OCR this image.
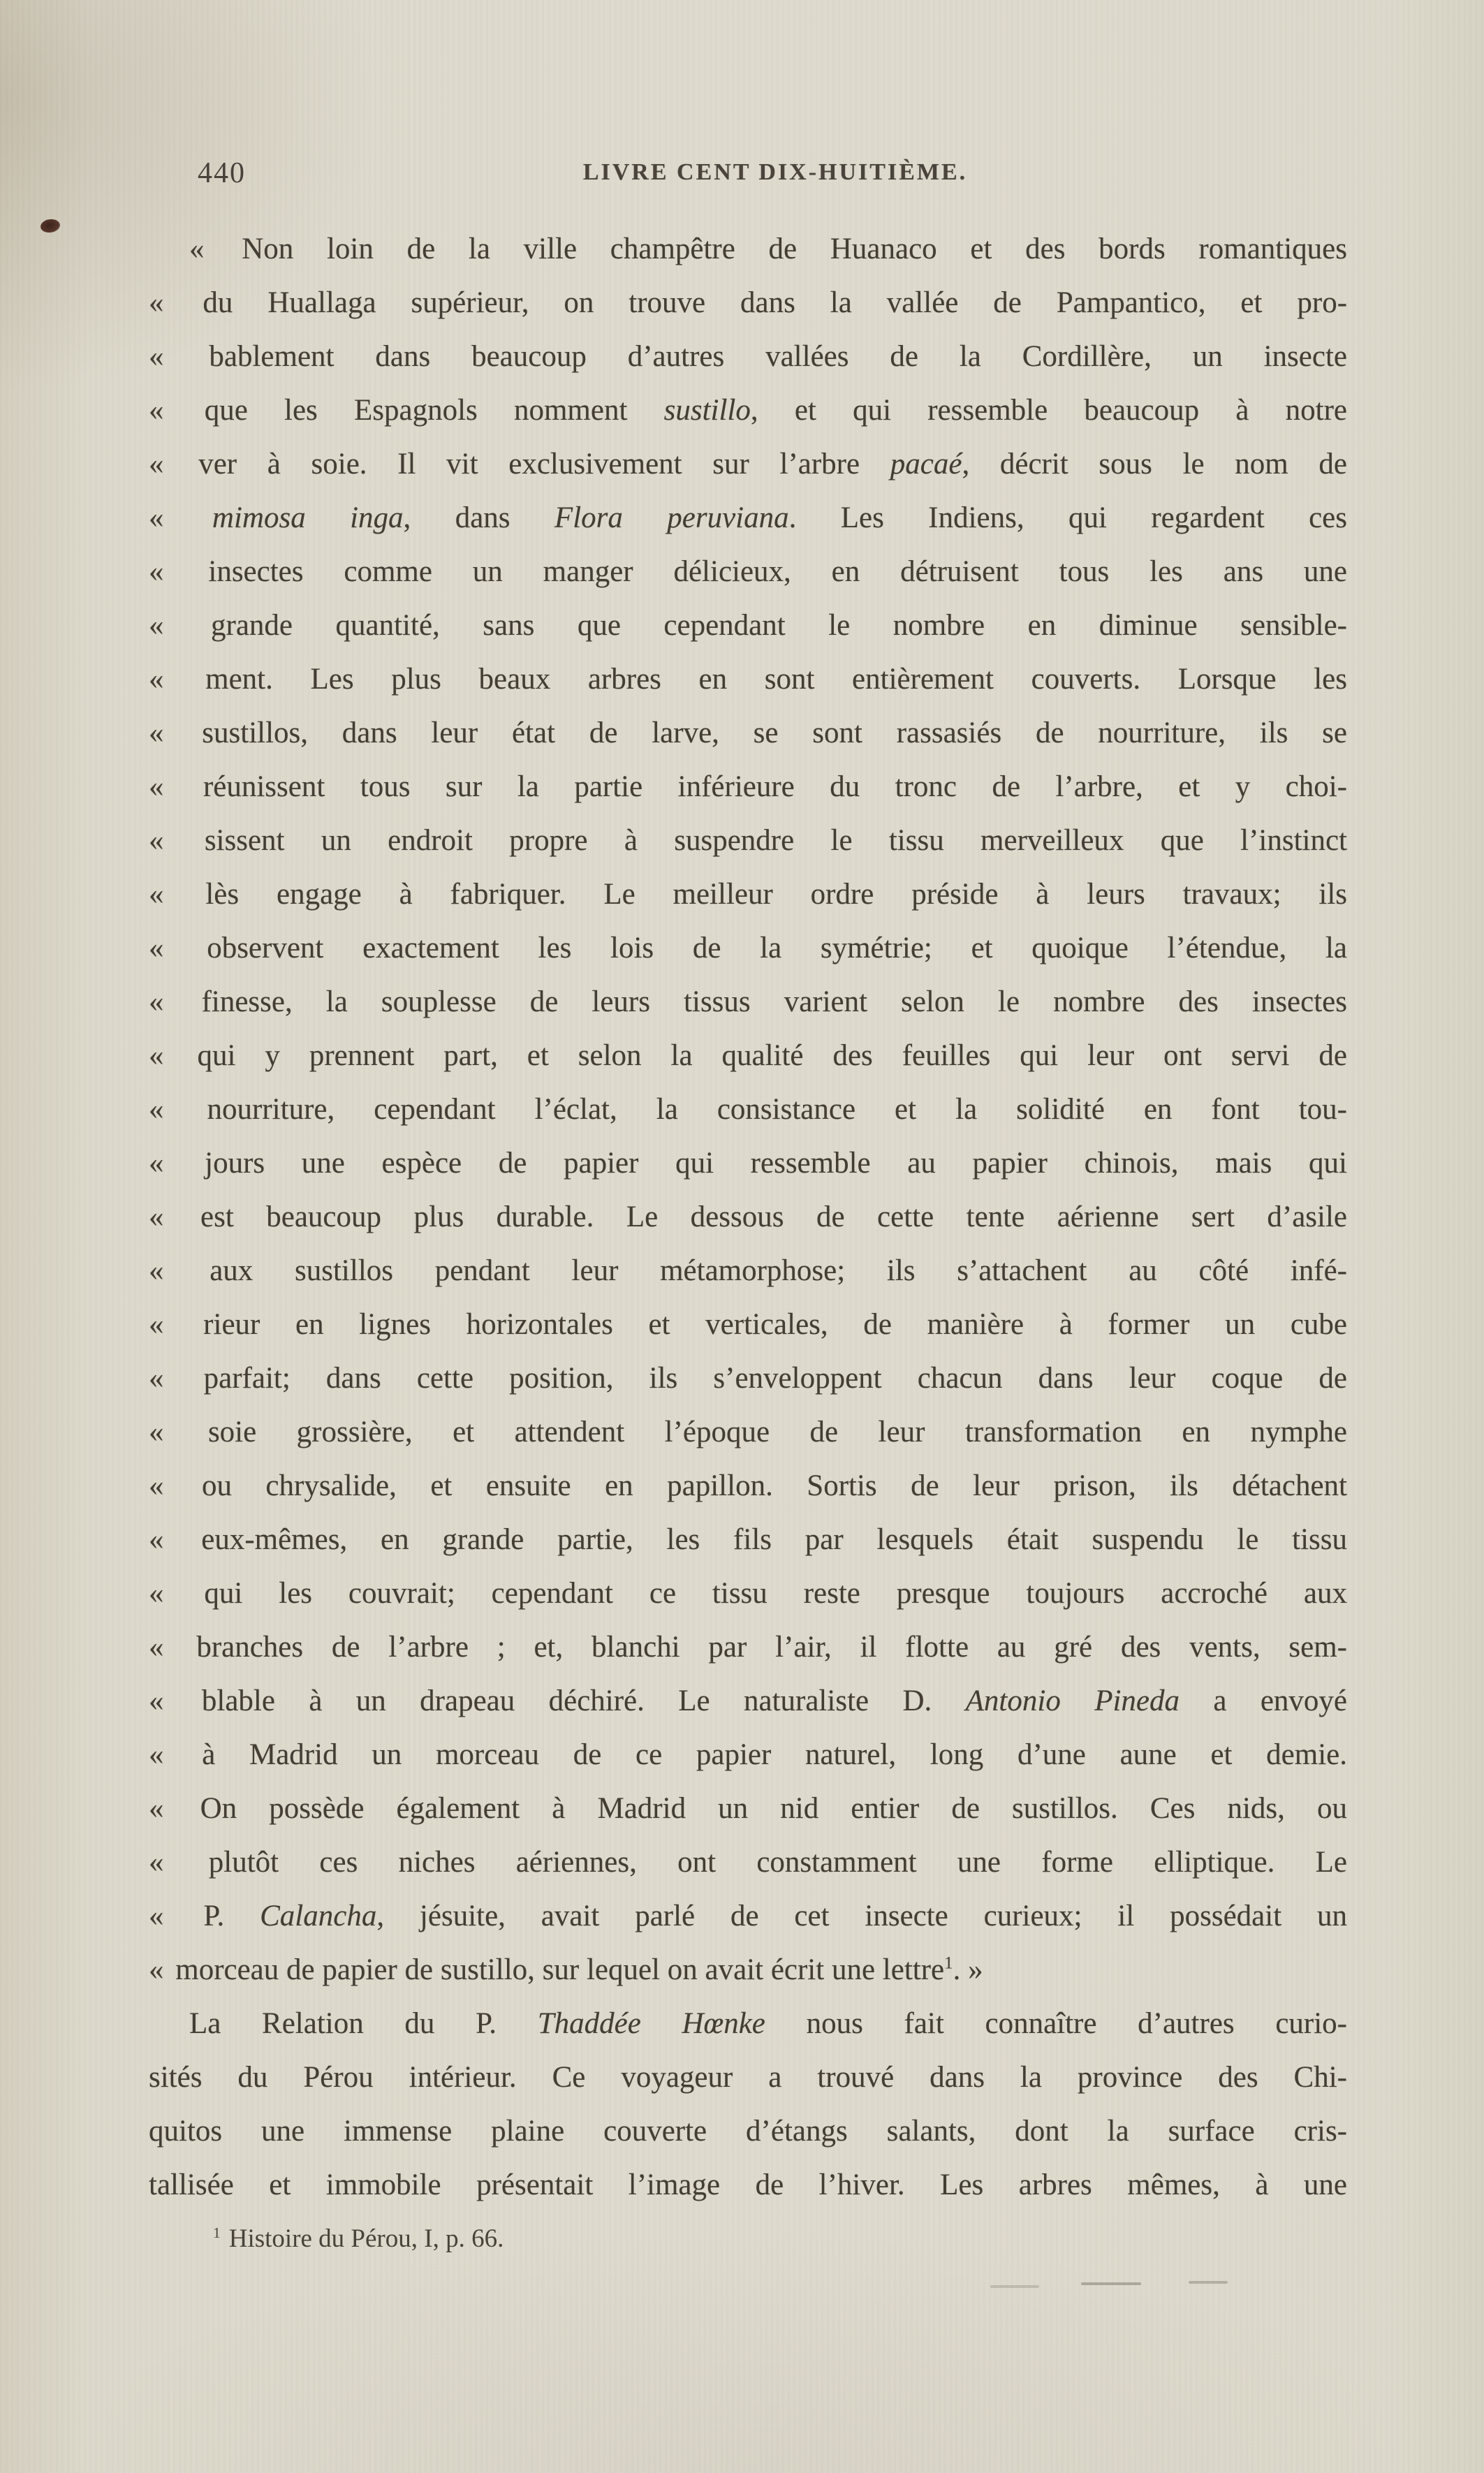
440	LIVRE CENT DIX-HUITIÈME.
« Non loin de la ville champêtre de Huanaco et des bords romantiques
« du Huallaga supérieur, on trouve dans la vallée de Pampantico, et pro-
« bablement dans beaucoup d’autres vallées de la Cordillère, un insecte
« que les Espagnols nomment sustillo, et qui ressemble beaucoup à notre
« ver à soie. Il vit exclusivement sur l’arbre pacaé, décrit sous le nom de
« mimosa inga, dans Flora peruviana. Les Indiens, qui regardent ces
« insectes comme un manger délicieux, en détruisent tous les ans une
« grande quantité, sans que cependant le nombre en diminue sensible-
« ment. Les plus beaux arbres en sont entièrement couverts. Lorsque les
« sustillos, dans leur état de larve, se sont rassasiés de nourriture, ils se
« réunissent tous sur la partie inférieure du tronc de l’arbre, et y choi-
« sissent un endroit propre à suspendre le tissu merveilleux que l’instinct
« lès engage à fabriquer. Le meilleur ordre préside à leurs travaux; ils
« observent exactement les lois de la symétrie; et quoique l’étendue, la
« finesse, la souplesse de leurs tissus varient selon le nombre des insectes
« qui y prennent part, et selon la qualité des feuilles qui leur ont servi de
« nourriture, cependant l’éclat, la consistance et la solidité en font tou-
« jours une espèce de papier qui ressemble au papier chinois, mais qui
« est beaucoup plus durable. Le dessous de cette tente aérienne sert d’asile
« aux sustillos pendant leur métamorphose; ils s’attachent au côté infé-
« rieur en lignes horizontales et verticales, de manière à former un cube
« parfait; dans cette position, ils s’enveloppent chacun dans leur coque de
« soie grossière, et attendent l’époque de leur transformation en nymphe
« ou chrysalide, et ensuite en papillon. Sortis de leur prison, ils détachent
« eux-mêmes, en grande partie, les fils par lesquels était suspendu le tissu
« qui les couvrait; cependant ce tissu reste presque toujours accroché aux
« branches de l’arbre ; et, blanchi par l’air, il flotte au gré des vents, sem-
« blable à un drapeau déchiré. Le naturaliste D. Antonio Pineda a envoyé
« à Madrid un morceau de ce papier naturel, long d’une aune et demie.
« On possède également à Madrid un nid entier de sustillos. Ces nids, ou
« plutôt ces niches aériennes, ont constamment une forme elliptique. Le
« P. Calancha, jésuite, avait parlé de cet insecte curieux; il possédait un
« morceau de papier de sustillo, sur lequel on avait écrit une lettre$^1$. »
La Relation du P. Thaddée Hœnke nous fait connaître d’autres curio-
sités du Pérou intérieur. Ce voyageur a trouvé dans la province des Chi-
quitos une immense plaine couverte d’étangs salants, dont la surface cris-
tallisée et immobile présentait l’image de l’hiver. Les arbres mêmes, à une
$^1$ Histoire du Pérou, I, p. 66.
